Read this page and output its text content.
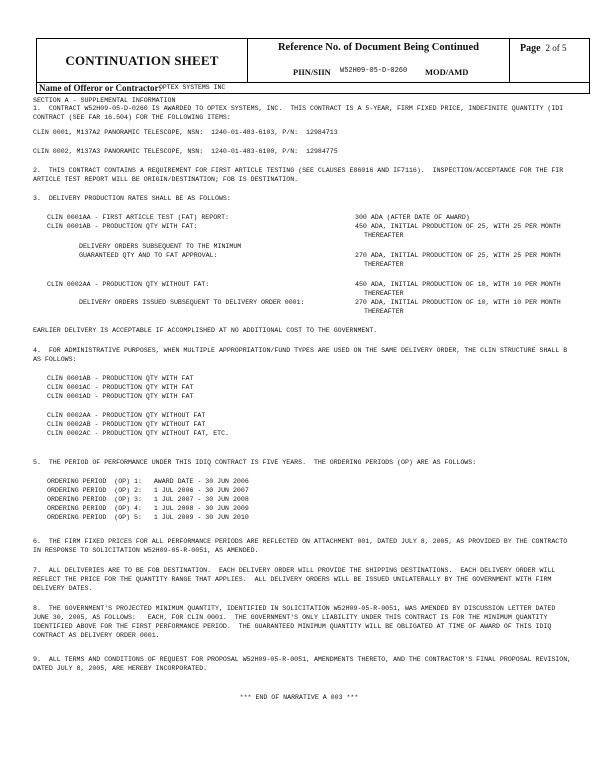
CONTINUATION SHEET
Reference No. of Document Being Continued
PIIN/SIIN W52H09-05-D-0260 MOD/AMD
Page 2 of 5
Name of Offeror or Contractor:
OPTEX SYSTEMS INC
SECTION A - SUPPLEMENTAL INFORMATION
1.  CONTRACT W52H09-05-D-0260 IS AWARDED TO OPTEX SYSTEMS, INC.  THIS CONTRACT IS A 5-YEAR, FIRM FIXED PRICE, INDEFINITE QUANTITY (IDI
CONTRACT (SEE FAR 16.504) FOR THE FOLLOWING ITEMS:
CLIN 0001, M137A2 PANORAMIC TELESCOPE, NSN:  1240-01-483-6103, P/N:  12984713
CLIN 0002, M137A3 PANORAMIC TELESCOPE, NSN:  1240-01-483-6100, P/N:  12984775
2.  THIS CONTRACT CONTAINS A REQUIREMENT FOR FIRST ARTICLE TESTING (SEE CLAUSES E86016 AND IF7116).  INSPECTION/ACCEPTANCE FOR THE FIR
ARTICLE TEST REPORT WILL BE ORIGIN/DESTINATION; FOB IS DESTINATION.
3.  DELIVERY PRODUCTION RATES SHALL BE AS FOLLOWS:
CLIN 0001AA - FIRST ARTICLE TEST (FAT) REPORT:	300 ADA (AFTER DATE OF AWARD)
CLIN 0001AB - PRODUCTION QTY WITH FAT:	450 ADA, INITIAL PRODUCTION OF 25, WITH 25 PER MONTH
THEREAFTER
DELIVERY ORDERS SUBSEQUENT TO THE MINIMUM
GUARANTEED QTY AND TO FAT APPROVAL:	270 ADA, INITIAL PRODUCTION OF 25, WITH 25 PER MONTH
THEREAFTER
CLIN 0002AA - PRODUCTION QTY WITHOUT FAT:	450 ADA, INITIAL PRODUCTION OF 10, WITH 10 PER MONTH
THEREAFTER
DELIVERY ORDERS ISSUED SUBSEQUENT TO DELIVERY ORDER 0001:	270 ADA, INITIAL PRODUCTION OF 10, WITH 10 PER MONTH
THEREAFTER
EARLIER DELIVERY IS ACCEPTABLE IF ACCOMPLISHED AT NO ADDITIONAL COST TO THE GOVERNMENT.
4.  FOR ADMINISTRATIVE PURPOSES, WHEN MULTIPLE APPROPRIATION/FUND TYPES ARE USED ON THE SAME DELIVERY ORDER, THE CLIN STRUCTURE SHALL B
AS FOLLOWS:
CLIN 0001AB - PRODUCTION QTY WITH FAT
CLIN 0001AC - PRODUCTION QTY WITH FAT
CLIN 0001AD - PRODUCTION QTY WITH FAT
CLIN 0002AA - PRODUCTION QTY WITHOUT FAT
CLIN 0002AB - PRODUCTION QTY WITHOUT FAT
CLIN 0002AC - PRODUCTION QTY WITHOUT FAT, ETC.
5.  THE PERIOD OF PERFORMANCE UNDER THIS IDIQ CONTRACT IS FIVE YEARS.  THE ORDERING PERIODS (OP) ARE AS FOLLOWS:
ORDERING PERIOD  (OP) 1:   AWARD DATE - 30 JUN 2006
ORDERING PERIOD  (OP) 2:   1 JUL 2006 - 30 JUN 2007
ORDERING PERIOD  (OP) 3:   1 JUL 2007 - 30 JUN 2008
ORDERING PERIOD  (OP) 4:   1 JUL 2008 - 30 JUN 2009
ORDERING PERIOD  (OP) 5:   1 JUL 2009 - 30 JUN 2010
6.  THE FIRM FIXED PRICES FOR ALL PERFORMANCE PERIODS ARE REFLECTED ON ATTACHMENT 001, DATED JULY 8, 2005, AS PROVIDED BY THE CONTRACTO
IN RESPONSE TO SOLICITATION W52H09-05-R-0051, AS AMENDED.
7.  ALL DELIVERIES ARE TO BE FOB DESTINATION.  EACH DELIVERY ORDER WILL PROVIDE THE SHIPPING DESTINATIONS.  EACH DELIVERY ORDER WILL
REFLECT THE PRICE FOR THE QUANTITY RANGE THAT APPLIES.  ALL DELIVERY ORDERS WILL BE ISSUED UNILATERALLY BY THE GOVERNMENT WITH FIRM
DELIVERY DATES.
8.  THE GOVERNMENT'S PROJECTED MINIMUM QUANTITY, IDENTIFIED IN SOLICITATION W52H09-05-R-0051, WAS AMENDED BY DISCUSSION LETTER DATED
JUNE 30, 2005, AS FOLLOWS:   EACH, FOR CLIN 0001.  THE GOVERNMENT'S ONLY LIABILITY UNDER THIS CONTRACT IS FOR THE MINIMUM QUANTITY
IDENTIFIED ABOVE FOR THE FIRST PERFORMANCE PERIOD.  THE GUARANTEED MINIMUM QUANTITY WILL BE OBLIGATED AT TIME OF AWARD OF THIS IDIQ
CONTRACT AS DELIVERY ORDER 0001.
9.  ALL TERMS AND CONDITIONS OF REQUEST FOR PROPOSAL W52H09-05-R-0051, AMENDMENTS THERETO, AND THE CONTRACTOR'S FINAL PROPOSAL REVISION,
DATED JULY 8, 2005, ARE HEREBY INCORPORATED.
*** END OF NARRATIVE A 003 ***
